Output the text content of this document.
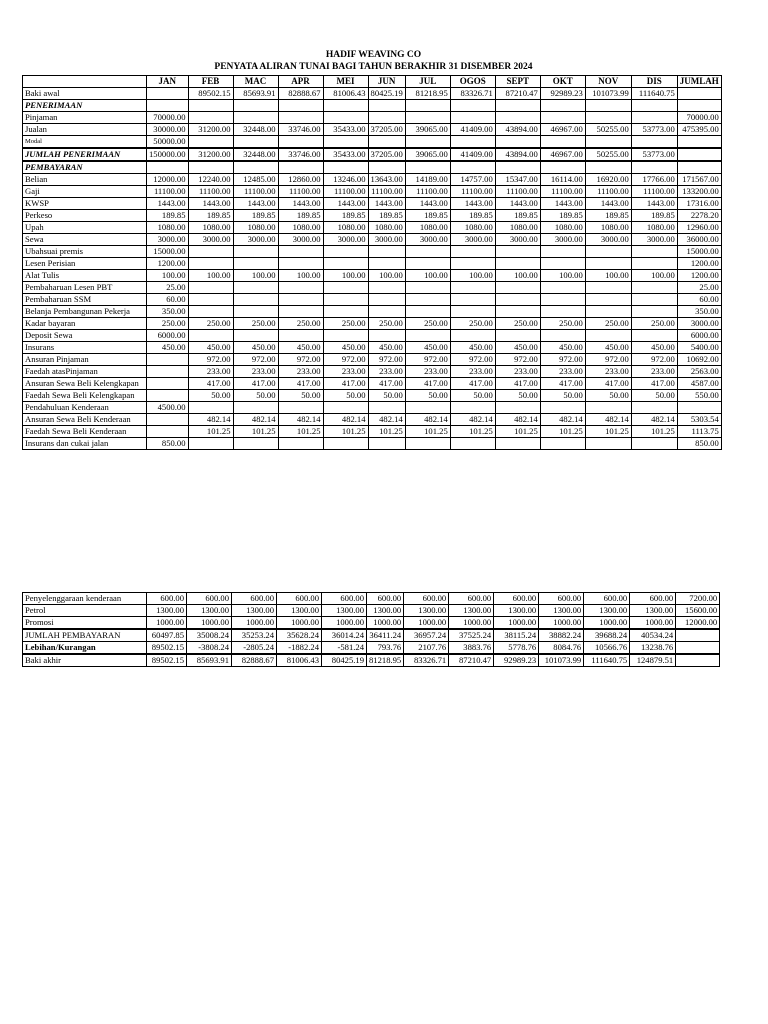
HADIF WEAVING CO
PENYATA ALIRAN TUNAI BAGI TAHUN BERAKHIR 31 DISEMBER 2024
	JAN	FEB	MAC	APR	MEI	JUN	JUL	OGOS	SEPT	OKT	NOV	DIS	JUMLAH
Baki awal		89502.15	85693.91	82888.67	81006.43	80425.19	81218.95	83326.71	87210.47	92989.23	101073.99	111640.75	
PENERIMAAN													
Pinjaman	70000.00												70000.00
Jualan	30000.00	31200.00	32448.00	33746.00	35433.00	37205.00	39065.00	41409.00	43894.00	46967.00	50255.00	53773.00	475395.00
Modal	50000.00												

JUMLAH PENERIMAAN	150000.00	31200.00	32448.00	33746.00	35433.00	37205.00	39065.00	41409.00	43894.00	46967.00	50255.00	53773.00	

PEMBAYARAN													
Belian	12000.00	12240.00	12485.00	12860.00	13246.00	13643.00	14189.00	14757.00	15347.00	16114.00	16920.00	17766.00	171567.00
Gaji	11100.00	11100.00	11100.00	11100.00	11100.00	11100.00	11100.00	11100.00	11100.00	11100.00	11100.00	11100.00	133200.00
KWSP	1443.00	1443.00	1443.00	1443.00	1443.00	1443.00	1443.00	1443.00	1443.00	1443.00	1443.00	1443.00	17316.00
Perkeso	189.85	189.85	189.85	189.85	189.85	189.85	189.85	189.85	189.85	189.85	189.85	189.85	2278.20
Upah	1080.00	1080.00	1080.00	1080.00	1080.00	1080.00	1080.00	1080.00	1080.00	1080.00	1080.00	1080.00	12960.00
Sewa	3000.00	3000.00	3000.00	3000.00	3000.00	3000.00	3000.00	3000.00	3000.00	3000.00	3000.00	3000.00	36000.00
Ubahsuai premis	15000.00												15000.00
Lesen Perisian	1200.00												1200.00
Alat Tulis	100.00	100.00	100.00	100.00	100.00	100.00	100.00	100.00	100.00	100.00	100.00	100.00	1200.00
Pembaharuan Lesen PBT	25.00												25.00
Pembaharuan SSM	60.00												60.00
Belanja Pembangunan Pekerja	350.00												350.00
Kadar bayaran	250.00	250.00	250.00	250.00	250.00	250.00	250.00	250.00	250.00	250.00	250.00	250.00	3000.00
Deposit Sewa	6000.00												6000.00
Insurans	450.00	450.00	450.00	450.00	450.00	450.00	450.00	450.00	450.00	450.00	450.00	450.00	5400.00
Ansuran Pinjaman		972.00	972.00	972.00	972.00	972.00	972.00	972.00	972.00	972.00	972.00	972.00	10692.00
Faedah atasPinjaman		233.00	233.00	233.00	233.00	233.00	233.00	233.00	233.00	233.00	233.00	233.00	2563.00
Ansuran Sewa Beli Kelengkapan		417.00	417.00	417.00	417.00	417.00	417.00	417.00	417.00	417.00	417.00	417.00	4587.00
Faedah Sewa Beli Kelengkapan		50.00	50.00	50.00	50.00	50.00	50.00	50.00	50.00	50.00	50.00	50.00	550.00
Pendahuluan Kenderaan	4500.00												
Ansuran Sewa Beli Kenderaan		482.14	482.14	482.14	482.14	482.14	482.14	482.14	482.14	482.14	482.14	482.14	5303.54
Faedah Sewa Beli Kenderaan		101.25	101.25	101.25	101.25	101.25	101.25	101.25	101.25	101.25	101.25	101.25	1113.75
Insurans dan cukai jalan	850.00												850.00
Penyelenggaraan kenderaan	600.00	600.00	600.00	600.00	600.00	600.00	600.00	600.00	600.00	600.00	600.00	600.00	7200.00
Petrol	1300.00	1300.00	1300.00	1300.00	1300.00	1300.00	1300.00	1300.00	1300.00	1300.00	1300.00	1300.00	15600.00
Promosi	1000.00	1000.00	1000.00	1000.00	1000.00	1000.00	1000.00	1000.00	1000.00	1000.00	1000.00	1000.00	12000.00

JUMLAH PEMBAYARAN	60497.85	35008.24	35253.24	35628.24	36014.24	36411.24	36957.24	37525.24	38115.24	38882.24	39688.24	40534.24	
Lebihan/Kurangan	89502.15	-3808.24	-2805.24	-1882.24	-581.24	793.76	2107.76	3883.76	5778.76	8084.76	10566.76	13238.76	

Baki akhir	89502.15	85693.91	82888.67	81006.43	80425.19	81218.95	83326.71	87210.47	92989.23	101073.99	111640.75	124879.51	
